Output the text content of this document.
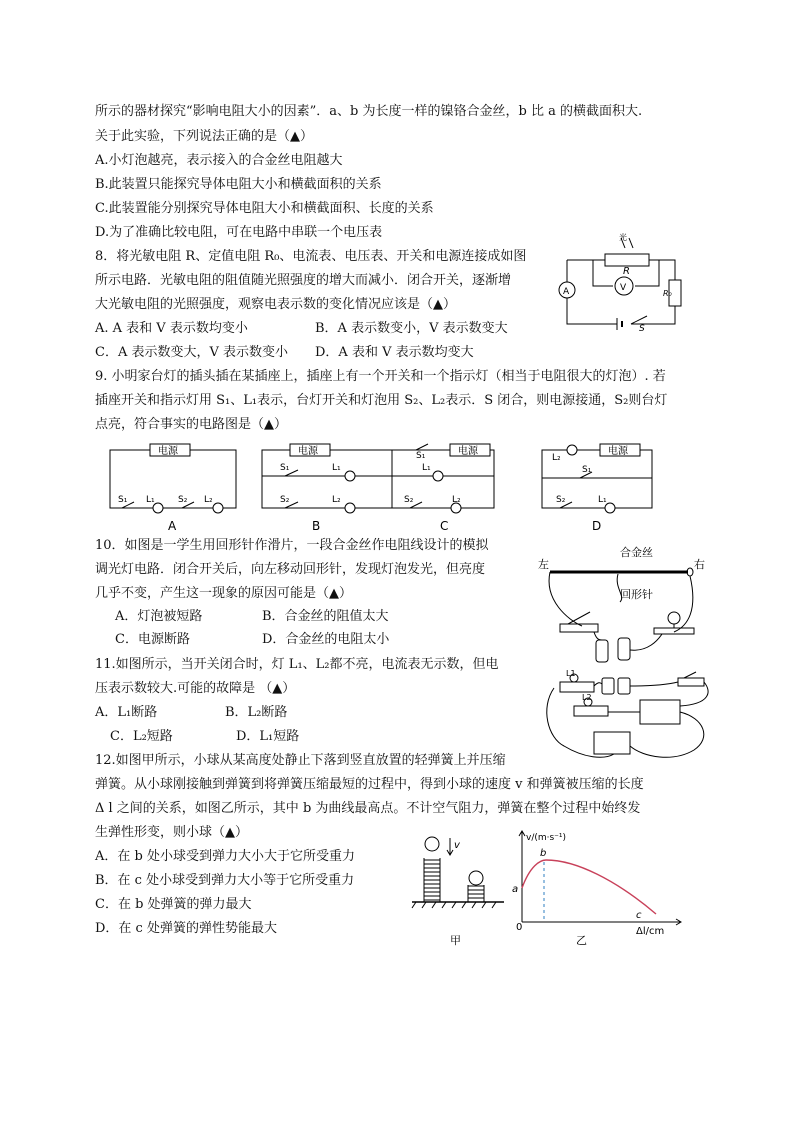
所示的器材探究“影响电阻大小的因素”．a、b 为长度一样的镍铬合金丝，b 比 a 的横截面积大.
关于此实验，下列说法正确的是（▲）
A.小灯泡越亮，表示接入的合金丝电阻越大
B.此装置只能探究导体电阻大小和横截面积的关系
C.此装置能分别探究导体电阻大小和横截面积、长度的关系
D.为了准确比较电阻，可在电路中串联一个电压表
8．将光敏电阻 R、定值电阻 R₀、电流表、电压表、开关和电源连接成如图
所示电路．光敏电阻的阻值随光照强度的增大而减小．闭合开关，逐渐增
大光敏电阻的光照强度，观察电表示数的变化情况应该是（▲）
A. A 表和 V 表示数均变小	B．A 表示数变小，V 表示数变大
C．A 表示数变大，V 表示数变小 D．A 表和 V 表示数均变大
光
R
A	V
R₀
S
9. 小明家台灯的插头插在某插座上，插座上有一个开关和一个指示灯（相当于电阻很大的灯泡）. 若
插座开关和指示灯用 S₁、L₁表示，台灯开关和灯泡用 S₂、L₂表示．S 闭合，则电源接通，S₂则台灯
点亮，符合事实的电路图是（▲）
电源	电源	电源	电源
S₁ L₁	S₂ L₂
S₁	L₁
S₂	L₂
S₁
L₁
S₂	L₂
L₂
S₁
S₂	L₁
A	B	C	D
10．如图是一学生用回形针作滑片，一段合金丝作电阻线设计的模拟
调光灯电路．闭合开关后，向左移动回形针，发现灯泡发光，但亮度
几乎不变，产生这一现象的原因可能是（▲）
A．灯泡被短路	B．合金丝的阻值太大
C．电源断路	D．合金丝的电阻太小
合金丝
左	右
回形针
11.如图所示，当开关闭合时，灯 L₁、L₂都不亮，电流表无示数，但电
压表示数较大.可能的故障是 （▲）
A．L₁断路	B．L₂断路
C．L₂短路	D．L₁短路
L1
L2
12.如图甲所示，小球从某高度处静止下落到竖直放置的轻弹簧上并压缩
弹簧。从小球刚接触到弹簧到将弹簧压缩最短的过程中，得到小球的速度 v 和弹簧被压缩的长度
Δ l 之间的关系，如图乙所示，其中 b 为曲线最高点。不计空气阻力，弹簧在整个过程中始终发
生弹性形变，则小球（▲）
A．在 b 处小球受到弹力大小大于它所受重力
B．在 c 处小球受到弹力大小等于它所受重力
C．在 b 处弹簧的弹力最大
D．在 c 处弹簧的弹性势能最大
v
甲
v/(m·s⁻¹)
Δl/cm
0
a
b
c
乙
